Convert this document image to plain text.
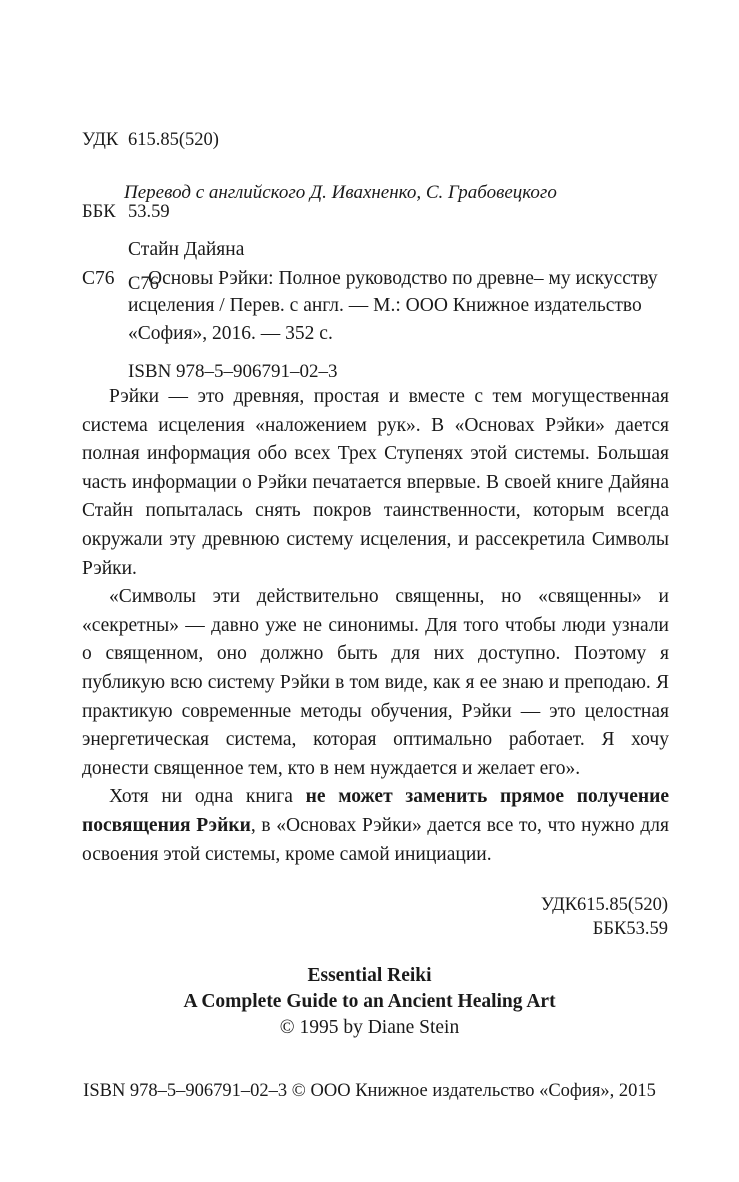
УДК 615.85(520)

ББК 53.59

С76

Перевод с английского Д. Ивахненко, С. Грабовецкого
Стайн Дайяна
С76	Основы Рэйки: Полное руководство по древне– му искусству исцеления / Перев. с англ. — М.: ООО Книжное издательство «София», 2016. — 352 с.
ISBN 978–5–906791–02–3

Рэйки — это древняя, простая и вместе с тем могущественная система исцеления «наложением рук». В «Основах Рэйки» дается полная информация обо всех Трех Ступенях этой системы. Большая часть информации о Рэйки печатается впервые. В своей книге Дайяна Стайн попыталась снять покров таинственности, которым всегда окружали эту древнюю систему исцеления, и рассекретила Символы Рэйки.

«Символы эти действительно священны, но «священны» и «секретны» — давно уже не синонимы. Для того чтобы люди узнали о священном, оно должно быть для них доступно. Поэтому я публикую всю систему Рэйки в том виде, как я ее знаю и преподаю. Я практикую современные методы обучения, Рэйки — это целостная энергетическая система, которая оптимально работает. Я хочу донести священное тем, кто в нем нуждается и желает его».

Хотя ни одна книга не может заменить прямое получение посвящения Рэйки, в «Основах Рэйки» дается все то, что нужно для освоения этой системы, кроме самой инициации.

УДК615.85(520)
ББК53.59
Essential Reiki
A Complete Guide to an Ancient Healing Art
© 1995 by Diane Stein
ISBN 978–5–906791–02–3 © ООО Книжное издательство «София», 2015
